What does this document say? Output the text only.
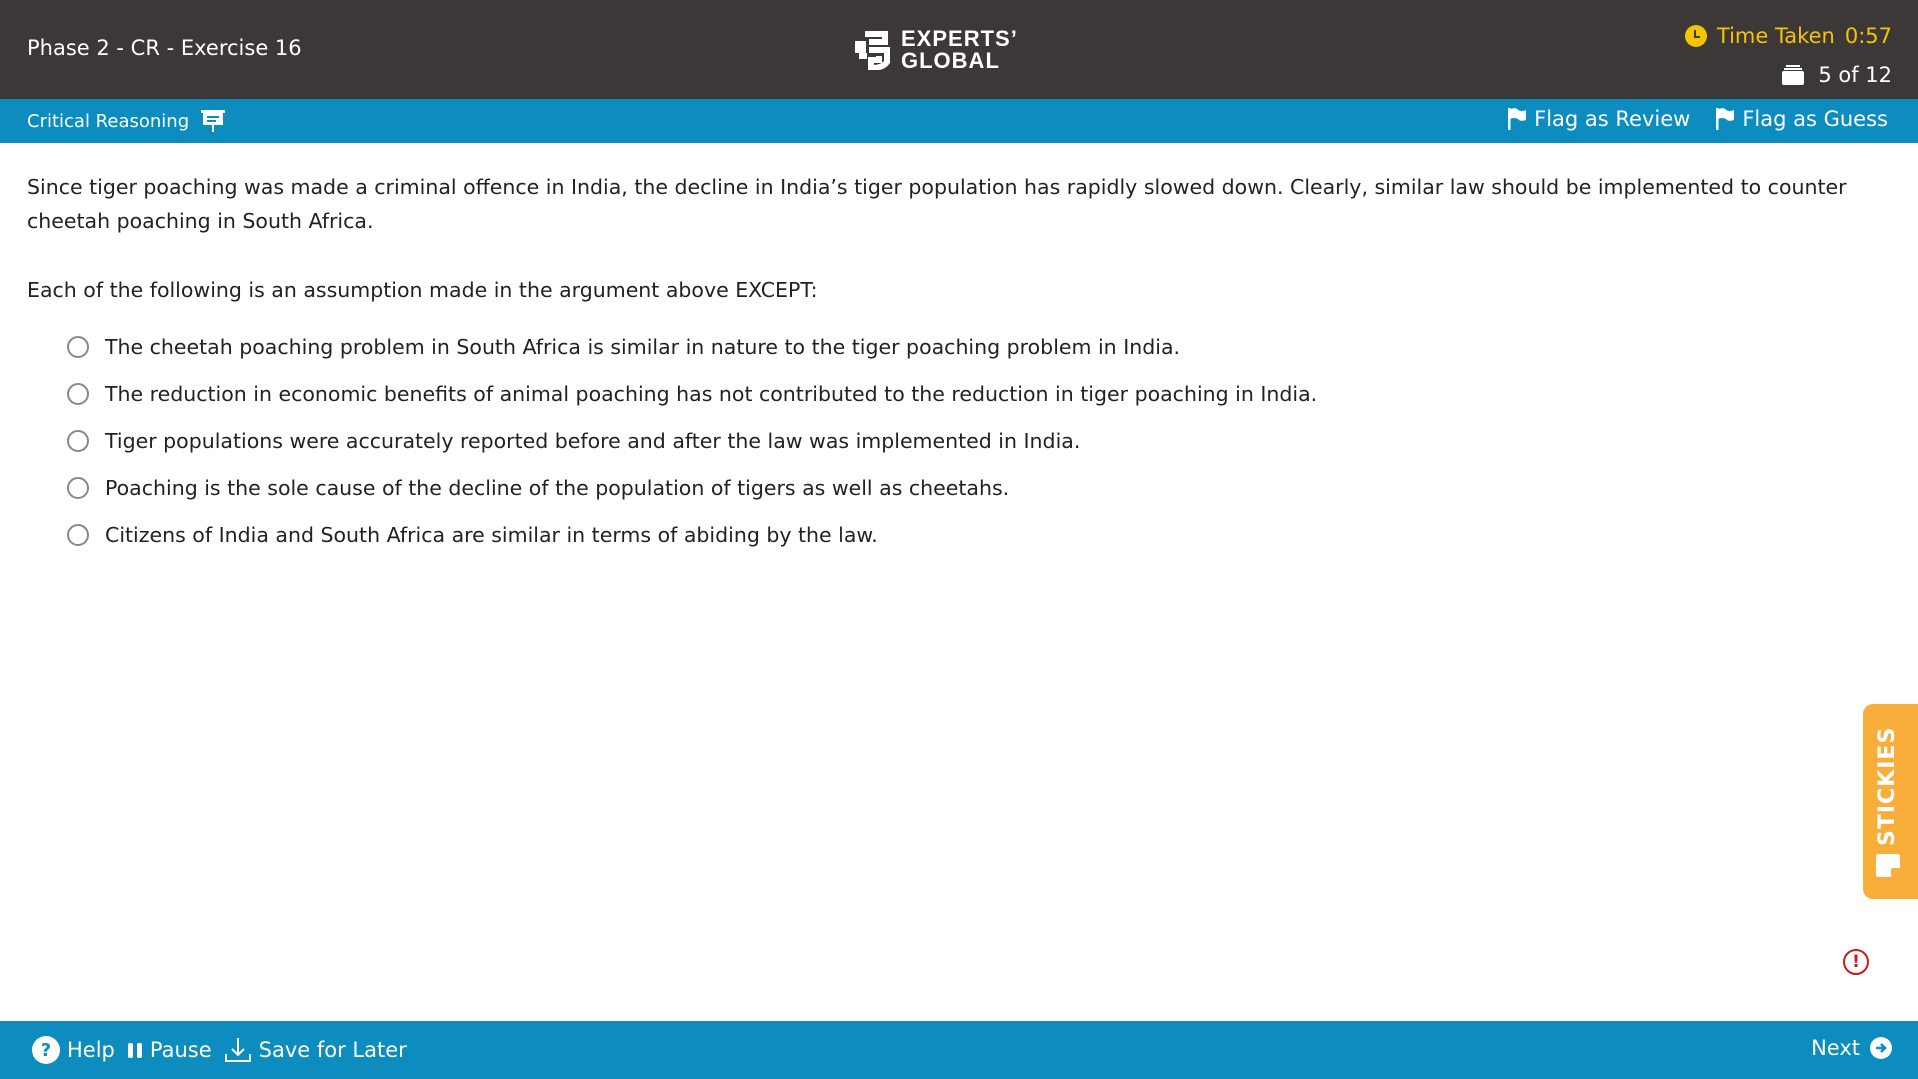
Phase 2 - CR - Exercise 16	EXPERTS’
GLOBAL
Time Taken 0:57
5 of 12
Critical Reasoning	Flag as Review Flag as Guess

Since tiger poaching was made a criminal offence in India, the decline in India’s tiger population has rapidly slowed down. Clearly, similar law should be implemented to counter cheetah poaching in South Africa.

Each of the following is an assumption made in the argument above EXCEPT:

The cheetah poaching problem in South Africa is similar in nature to the tiger poaching problem in India.
The reduction in economic benefits of animal poaching has not contributed to the reduction in tiger poaching in India.
Tiger populations were accurately reported before and after the law was implemented in India.
Poaching is the sole cause of the decline of the population of tigers as well as cheetahs.
Citizens of India and South Africa are similar in terms of abiding by the law.
STICKIES
!
? Help Pause Save for Later	Next
